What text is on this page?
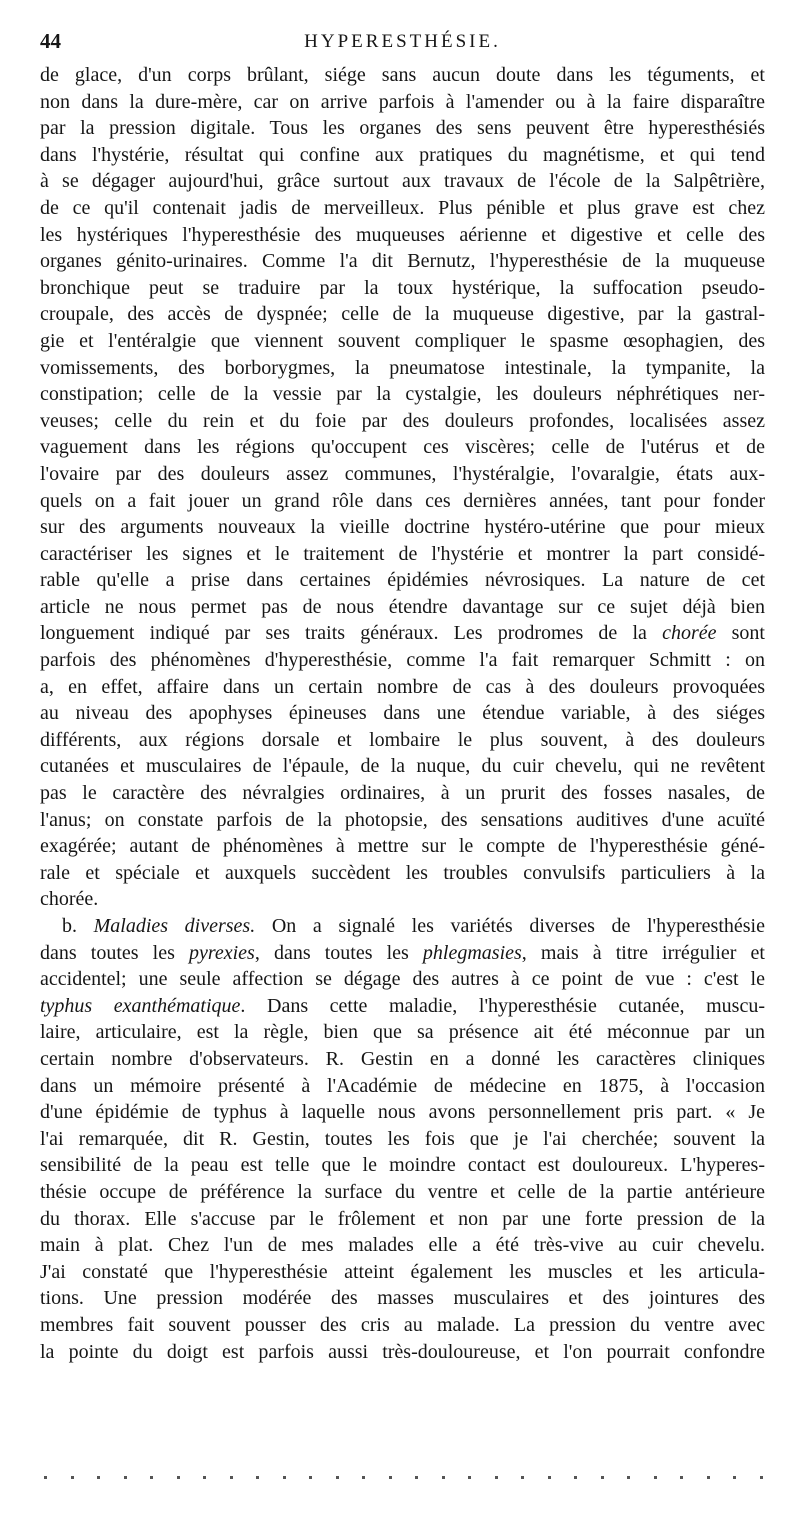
44	HYPERESTHÉSIE.
de glace, d'un corps brûlant, siége sans aucun doute dans les téguments, et
non dans la dure-mère, car on arrive parfois à l'amender ou à la faire disparaître
par la pression digitale. Tous les organes des sens peuvent être hyperesthésiés
dans l'hystérie, résultat qui confine aux pratiques du magnétisme, et qui tend
à se dégager aujourd'hui, grâce surtout aux travaux de l'école de la Salpêtrière,
de ce qu'il contenait jadis de merveilleux. Plus pénible et plus grave est chez
les hystériques l'hyperesthésie des muqueuses aérienne et digestive et celle des
organes génito-urinaires. Comme l'a dit Bernutz, l'hyperesthésie de la muqueuse
bronchique peut se traduire par la toux hystérique, la suffocation pseudo-
croupale, des accès de dyspnée; celle de la muqueuse digestive, par la gastral-
gie et l'entéralgie que viennent souvent compliquer le spasme œsophagien, des
vomissements, des borborygmes, la pneumatose intestinale, la tympanite, la
constipation; celle de la vessie par la cystalgie, les douleurs néphrétiques ner-
veuses; celle du rein et du foie par des douleurs profondes, localisées assez
vaguement dans les régions qu'occupent ces viscères; celle de l'utérus et de
l'ovaire par des douleurs assez communes, l'hystéralgie, l'ovaralgie, états aux-
quels on a fait jouer un grand rôle dans ces dernières années, tant pour fonder
sur des arguments nouveaux la vieille doctrine hystéro-utérine que pour mieux
caractériser les signes et le traitement de l'hystérie et montrer la part considé-
rable qu'elle a prise dans certaines épidémies névrosiques. La nature de cet
article ne nous permet pas de nous étendre davantage sur ce sujet déjà bien
longuement indiqué par ses traits généraux. Les prodromes de la chorée sont
parfois des phénomènes d'hyperesthésie, comme l'a fait remarquer Schmitt : on
a, en effet, affaire dans un certain nombre de cas à des douleurs provoquées
au niveau des apophyses épineuses dans une étendue variable, à des siéges
différents, aux régions dorsale et lombaire le plus souvent, à des douleurs
cutanées et musculaires de l'épaule, de la nuque, du cuir chevelu, qui ne revêtent
pas le caractère des névralgies ordinaires, à un prurit des fosses nasales, de
l'anus; on constate parfois de la photopsie, des sensations auditives d'une acuïté
exagérée; autant de phénomènes à mettre sur le compte de l'hyperesthésie géné-
rale et spéciale et auxquels succèdent les troubles convulsifs particuliers à la
chorée.
b. Maladies diverses. On a signalé les variétés diverses de l'hyperesthésie
dans toutes les pyrexies, dans toutes les phlegmasies, mais à titre irrégulier et
accidentel; une seule affection se dégage des autres à ce point de vue : c'est le
typhus exanthématique. Dans cette maladie, l'hyperesthésie cutanée, muscu-
laire, articulaire, est la règle, bien que sa présence ait été méconnue par un
certain nombre d'observateurs. R. Gestin en a donné les caractères cliniques
dans un mémoire présenté à l'Académie de médecine en 1875, à l'occasion
d'une épidémie de typhus à laquelle nous avons personnellement pris part. « Je
l'ai remarquée, dit R. Gestin, toutes les fois que je l'ai cherchée; souvent la
sensibilité de la peau est telle que le moindre contact est douloureux. L'hyperes-
thésie occupe de préférence la surface du ventre et celle de la partie antérieure
du thorax. Elle s'accuse par le frôlement et non par une forte pression de la
main à plat. Chez l'un de mes malades elle a été très-vive au cuir chevelu.
J'ai constaté que l'hyperesthésie atteint également les muscles et les articula-
tions. Une pression modérée des masses musculaires et des jointures des
membres fait souvent pousser des cris au malade. La pression du ventre avec
la pointe du doigt est parfois aussi très-douloureuse, et l'on pourrait confondre
